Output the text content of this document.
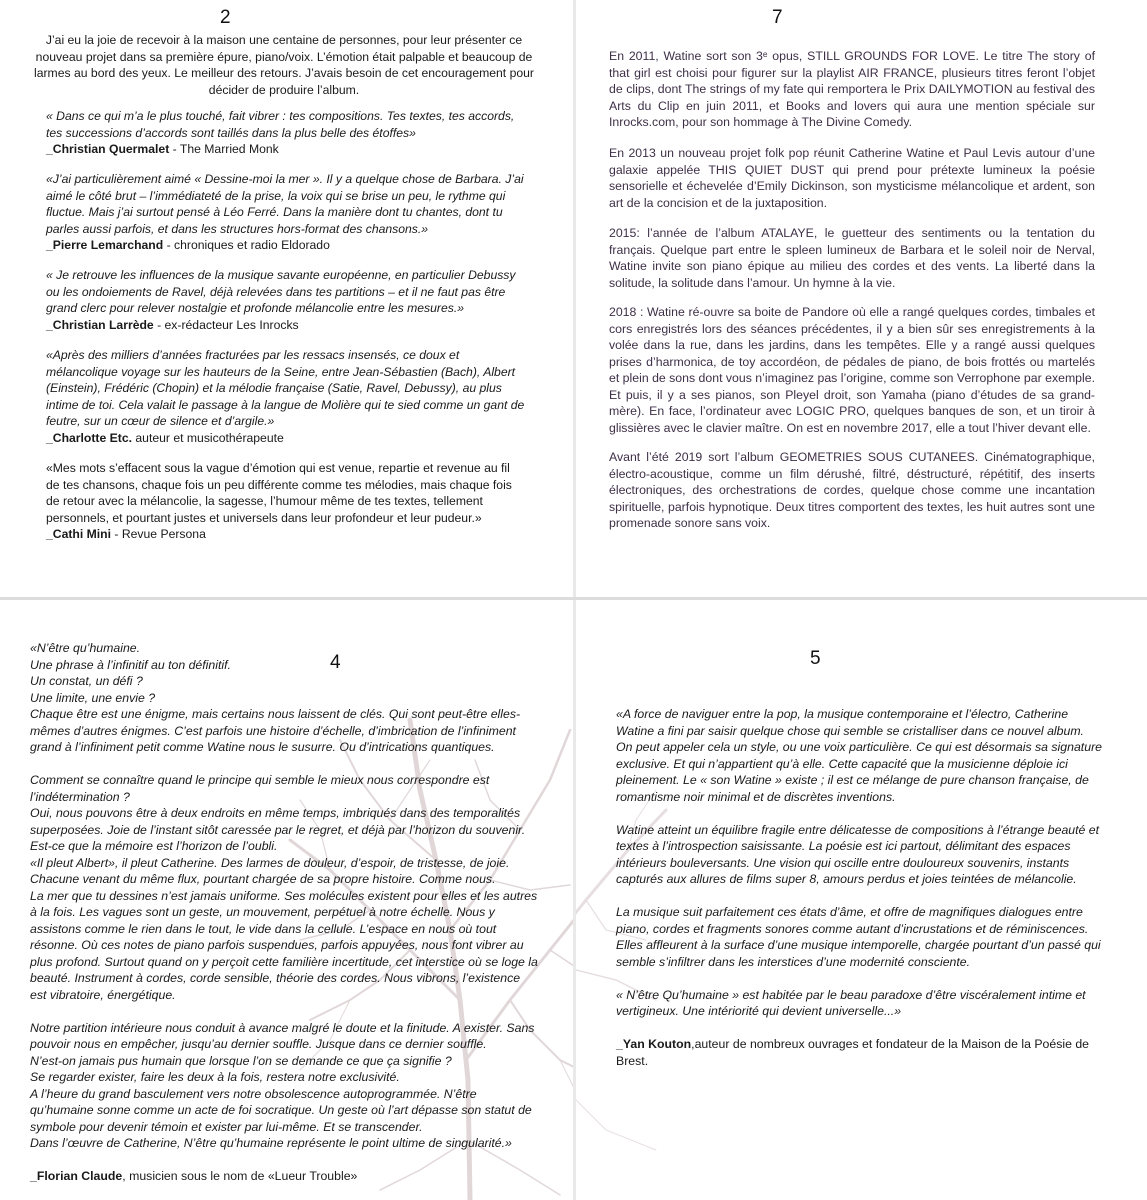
2
J’ai eu la joie de recevoir à la maison une centaine de personnes, pour leur présenter ce nouveau projet dans sa première épure, piano/voix. L’émotion était palpable et beaucoup de larmes au bord des yeux. Le meilleur des retours. J’avais besoin de cet encouragement pour décider de produire l’album.
« Dans ce qui m’a le plus touché, fait vibrer : tes compositions. Tes textes, tes accords, tes successions d’accords sont taillés dans la plus belle des étoffes»
_Christian Quermalet - The Married Monk
«J’ai particulièrement aimé « Dessine-moi la mer ». Il y a quelque chose de Barbara. J’ai aimé le côté brut – l’immédiateté de la prise, la voix qui se brise un peu, le rythme qui fluctue. Mais j’ai surtout pensé à Léo Ferré. Dans la manière dont tu chantes, dont tu parles aussi parfois, et dans les structures hors-format des chansons.»
_Pierre Lemarchand - chroniques et radio Eldorado
« Je retrouve les influences de la musique savante européenne, en particulier Debussy ou les ondoiements de Ravel, déjà relevées dans tes partitions – et il ne faut pas être grand clerc pour relever nostalgie et profonde mélancolie entre les mesures.»
_Christian Larrède - ex-rédacteur Les Inrocks
«Après des milliers d’années fracturées par les ressacs insensés, ce doux et mélancolique voyage sur les hauteurs de la Seine, entre Jean-Sébastien (Bach), Albert (Einstein), Frédéric (Chopin) et la mélodie française (Satie, Ravel, Debussy), au plus intime de toi. Cela valait le passage à la langue de Molière qui te sied comme un gant de feutre, sur un cœur de silence et d’argile.»
_Charlotte Etc. auteur et musicothérapeute
«Mes mots s’effacent sous la vague d’émotion qui est venue, repartie et revenue au fil de tes chansons, chaque fois un peu différente comme tes mélodies, mais chaque fois de retour avec la mélancolie, la sagesse, l’humour même de tes textes, tellement personnels, et pourtant justes et universels dans leur profondeur et leur pudeur.»
_Cathi Mini - Revue Persona
7
En 2011, Watine sort son 3ᵉ opus, STILL GROUNDS FOR LOVE. Le titre The story of that girl est choisi pour figurer sur la playlist AIR FRANCE, plusieurs titres feront l’objet de clips, dont The strings of my fate qui remportera le Prix DAILYMOTION au festival des Arts du Clip en juin 2011, et Books and lovers qui aura une mention spéciale sur Inrocks.com, pour son hommage à The Divine Comedy.
En 2013 un nouveau projet folk pop réunit Catherine Watine et Paul Levis autour d’une galaxie appelée THIS QUIET DUST qui prend pour prétexte lumineux la poésie sensorielle et échevelée d’Emily Dickinson, son mysticisme mélancolique et ardent, son art de la concision et de la juxtaposition.
2015: l’année de l’album ATALAYE, le guetteur des sentiments ou la tentation du français. Quelque part entre le spleen lumineux de Barbara et le soleil noir de Nerval, Watine invite son piano épique au milieu des cordes et des vents. La liberté dans la solitude, la solitude dans l’amour. Un hymne à la vie.
2018 : Watine ré-ouvre sa boite de Pandore où elle a rangé quelques cordes, timbales et cors enregistrés lors des séances précédentes, il y a bien sûr ses enregistrements à la volée dans la rue, dans les jardins, dans les tempêtes. Elle y a rangé aussi quelques prises d’harmonica, de toy accordéon, de pédales de piano, de bois frottés ou martelés et plein de sons dont vous n’imaginez pas l’origine, comme son Verrophone par exemple. Et puis, il y a ses pianos, son Pleyel droit, son Yamaha (piano d’études de sa grand-mère). En face, l’ordinateur avec LOGIC PRO, quelques banques de son, et un tiroir à glissières avec le clavier maître. On est en novembre 2017, elle a tout l’hiver devant elle.
Avant l’été 2019 sort l’album GEOMETRIES SOUS CUTANEES. Cinématographique, électro-acoustique, comme un film dérushé, filtré, déstructuré, répétitif, des inserts électroniques, des orchestrations de cordes, quelque chose comme une incantation spirituelle, parfois hypnotique. Deux titres comportent des textes, les huit autres sont une promenade sonore sans voix.
4
«N’être qu’humaine.
Une phrase à l’infinitif au ton définitif.
Un constat, un défi ?
Une limite, une envie ?
Chaque être est une énigme, mais certains nous laissent de clés. Qui sont peut-être elles-mêmes d’autres énigmes. C’est parfois une histoire d’échelle, d’imbrication de l’infiniment grand à l’infiniment petit comme Watine nous le susurre. Ou d’intrications quantiques.
Comment se connaître quand le principe qui semble le mieux nous correspondre est l’indétermination ?
Oui, nous pouvons être à deux endroits en même temps, imbriqués dans des temporalités superposées. Joie de l’instant sitôt caressée par le regret, et déjà par l’horizon du souvenir. Est-ce que la mémoire est l’horizon de l’oubli.
«Il pleut Albert», il pleut Catherine. Des larmes de douleur, d’espoir, de tristesse, de joie. Chacune venant du même flux, pourtant chargée de sa propre histoire. Comme nous.
La mer que tu dessines n’est jamais uniforme. Ses molécules existent pour elles et les autres à la fois. Les vagues sont un geste, un mouvement, perpétuel à notre échelle. Nous y assistons comme le rien dans le tout, le vide dans la cellule. L’espace en nous où tout résonne. Où ces notes de piano parfois suspendues, parfois appuyées, nous font vibrer au plus profond. Surtout quand on y perçoit cette familière incertitude, cet interstice où se loge la beauté. Instrument à cordes, corde sensible, théorie des cordes. Nous vibrons, l’existence est vibratoire, énergétique.
Notre partition intérieure nous conduit à avance malgré le doute et la finitude. A exister. Sans pouvoir nous en empêcher, jusqu’au dernier souffle. Jusque dans ce dernier souffle.
N’est-on jamais pus humain que lorsque l’on se demande ce que ça signifie ?
Se regarder exister, faire les deux à la fois, restera notre exclusivité.
A l’heure du grand basculement vers notre obsolescence autoprogrammée. N’être qu’humaine sonne comme un acte de foi socratique. Un geste où l’art dépasse son statut de symbole pour devenir témoin et exister par lui-même. Et se transcender.
Dans l’œuvre de Catherine, N’être qu’humaine représente le point ultime de singularité.»
_Florian Claude, musicien sous le nom de «Lueur Trouble»
5
«A force de naviguer entre la pop, la musique contemporaine et l’électro, Catherine Watine a fini par saisir quelque chose qui semble se cristalliser dans ce nouvel album. On peut appeler cela un style, ou une voix particulière. Ce qui est désormais sa signature exclusive. Et qui n’appartient qu’à elle. Cette capacité que la musicienne déploie ici pleinement. Le « son Watine » existe ; il est ce mélange de pure chanson française, de romantisme noir minimal et de discrètes inventions.
Watine atteint un équilibre fragile entre délicatesse de compositions à l’étrange beauté et textes à l’introspection saisissante. La poésie est ici partout, délimitant des espaces intérieurs bouleversants. Une vision qui oscille entre douloureux souvenirs, instants capturés aux allures de films super 8, amours perdus et joies teintées de mélancolie.
La musique suit parfaitement ces états d’âme, et offre de magnifiques dialogues entre piano, cordes et fragments sonores comme autant d’incrustations et de réminiscences. Elles affleurent à la surface d’une musique intemporelle, chargée pourtant d’un passé qui semble s’infiltrer dans les interstices d’une modernité consciente.
« N’être Qu’humaine » est habitée par le beau paradoxe d’être viscéralement intime et vertigineux. Une intériorité qui devient universelle...»
_Yan Kouton,auteur de nombreux ouvrages et fondateur de la Maison de la Poésie de Brest.
